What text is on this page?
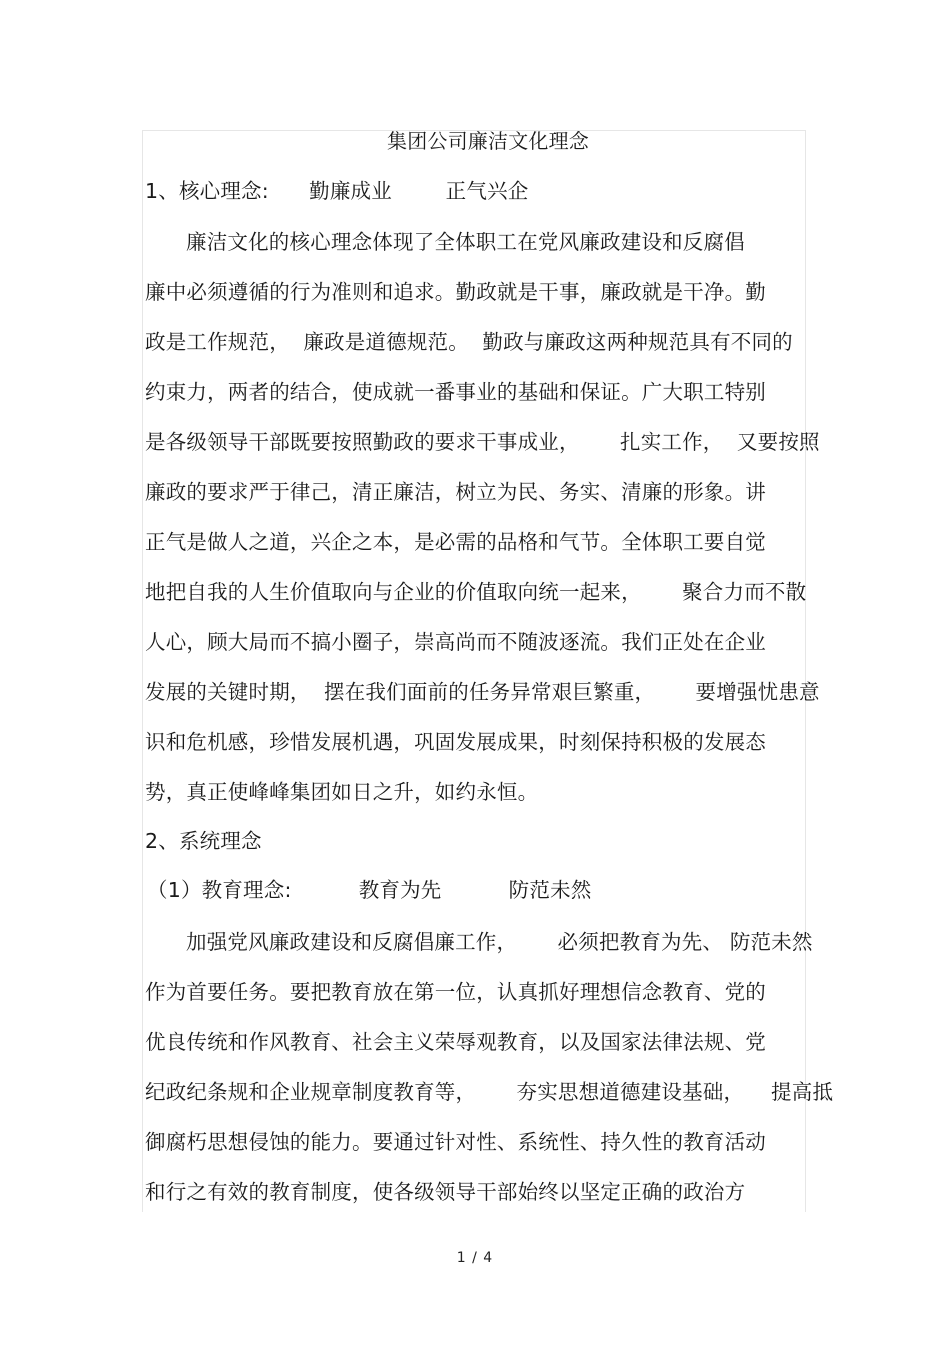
集团公司廉洁文化理念
1、核心理念:      勤廉成业        正气兴企
廉洁文化的核心理念体现了全体职工在党风廉政建设和反腐倡
廉中必须遵循的行为准则和追求。勤政就是干事，廉政就是干净。勤
政是工作规范，  廉政是道德规范。  勤政与廉政这两种规范具有不同的
约束力，两者的结合，使成就一番事业的基础和保证。广大职工特别
是各级领导干部既要按照勤政的要求干事成业，      扎实工作，  又要按照
廉政的要求严于律己，清正廉洁，树立为民、务实、清廉的形象。讲
正气是做人之道，兴企之本，是必需的品格和气节。全体职工要自觉
地把自我的人生价值取向与企业的价值取向统一起来，      聚合力而不散
人心，顾大局而不搞小圈子，崇高尚而不随波逐流。我们正处在企业
发展的关键时期，  摆在我们面前的任务异常艰巨繁重，      要增强忧患意
识和危机感，珍惜发展机遇，巩固发展成果，时刻保持积极的发展态
势，真正使峰峰集团如日之升，如约永恒。
2、系统理念
（1）教育理念:          教育为先          防范未然
加强党风廉政建设和反腐倡廉工作，      必须把教育为先、 防范未然
作为首要任务。要把教育放在第一位，认真抓好理想信念教育、党的
优良传统和作风教育、社会主义荣辱观教育，以及国家法律法规、党
纪政纪条规和企业规章制度教育等，      夯实思想道德建设基础，    提高抵
御腐朽思想侵蚀的能力。要通过针对性、系统性、持久性的教育活动
和行之有效的教育制度，使各级领导干部始终以坚定正确的政治方
1 / 4
